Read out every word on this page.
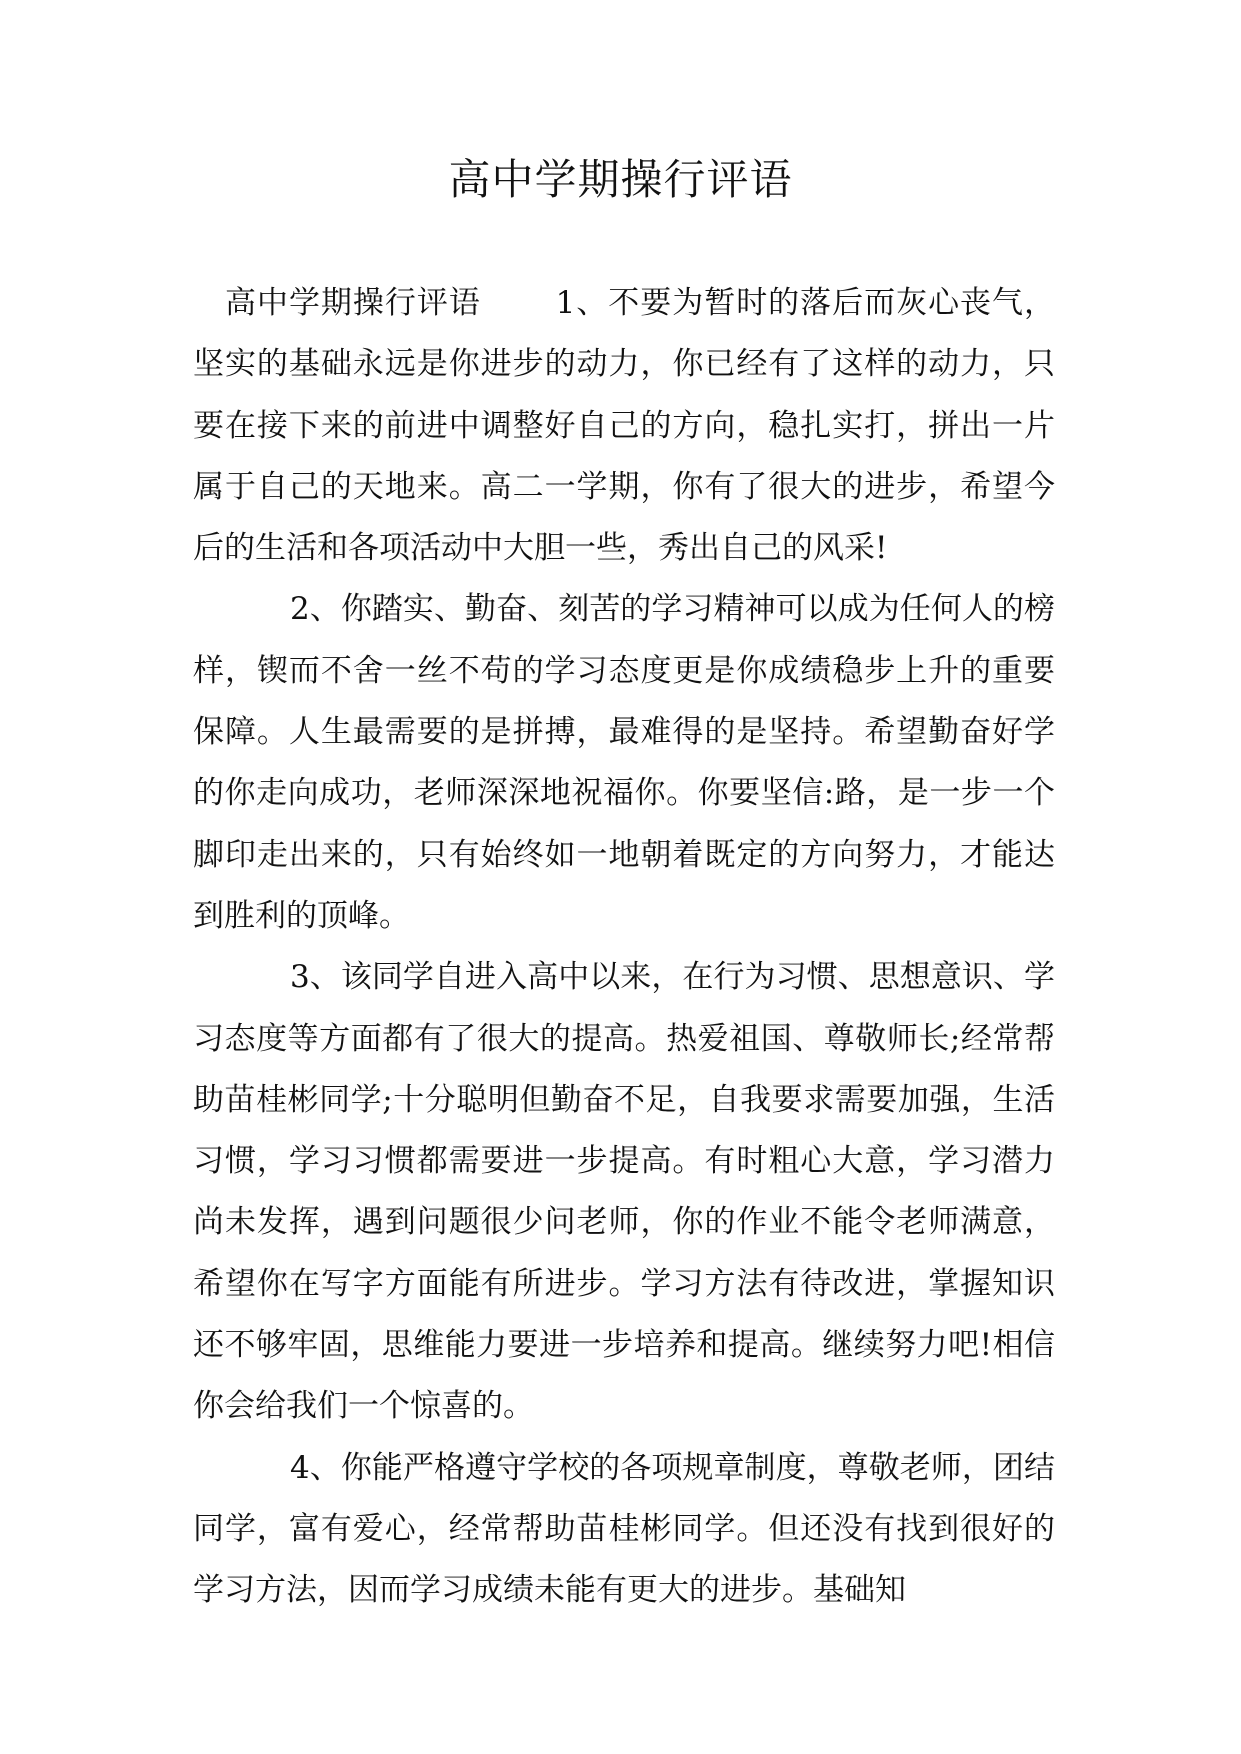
高中学期操行评语

高中学期操行评语　　 1、不要为暂时的落后而灰心丧气，坚实的基础永远是你进步的动力，你已经有了这样的动力，只要在接下来的前进中调整好自己的方向，稳扎实打，拼出一片属于自己的天地来。高二一学期，你有了很大的进步，希望今后的生活和各项活动中大胆一些，秀出自己的风采!

2、你踏实、勤奋、刻苦的学习精神可以成为任何人的榜样，锲而不舍一丝不苟的学习态度更是你成绩稳步上升的重要保障。人生最需要的是拼搏，最难得的是坚持。希望勤奋好学的你走向成功，老师深深地祝福你。你要坚信:路，是一步一个脚印走出来的，只有始终如一地朝着既定的方向努力，才能达到胜利的顶峰。

3、该同学自进入高中以来，在行为习惯、思想意识、学习态度等方面都有了很大的提高。热爱祖国、尊敬师长;经常帮助苗桂彬同学;十分聪明但勤奋不足，自我要求需要加强，生活习惯，学习习惯都需要进一步提高。有时粗心大意，学习潜力尚未发挥，遇到问题很少问老师，你的作业不能令老师满意，希望你在写字方面能有所进步。学习方法有待改进，掌握知识还不够牢固，思维能力要进一步培养和提高。继续努力吧!相信你会给我们一个惊喜的。

4、你能严格遵守学校的各项规章制度，尊敬老师，团结同学，富有爱心，经常帮助苗桂彬同学。但还没有找到很好的学习方法，因而学习成绩未能有更大的进步。基础知
